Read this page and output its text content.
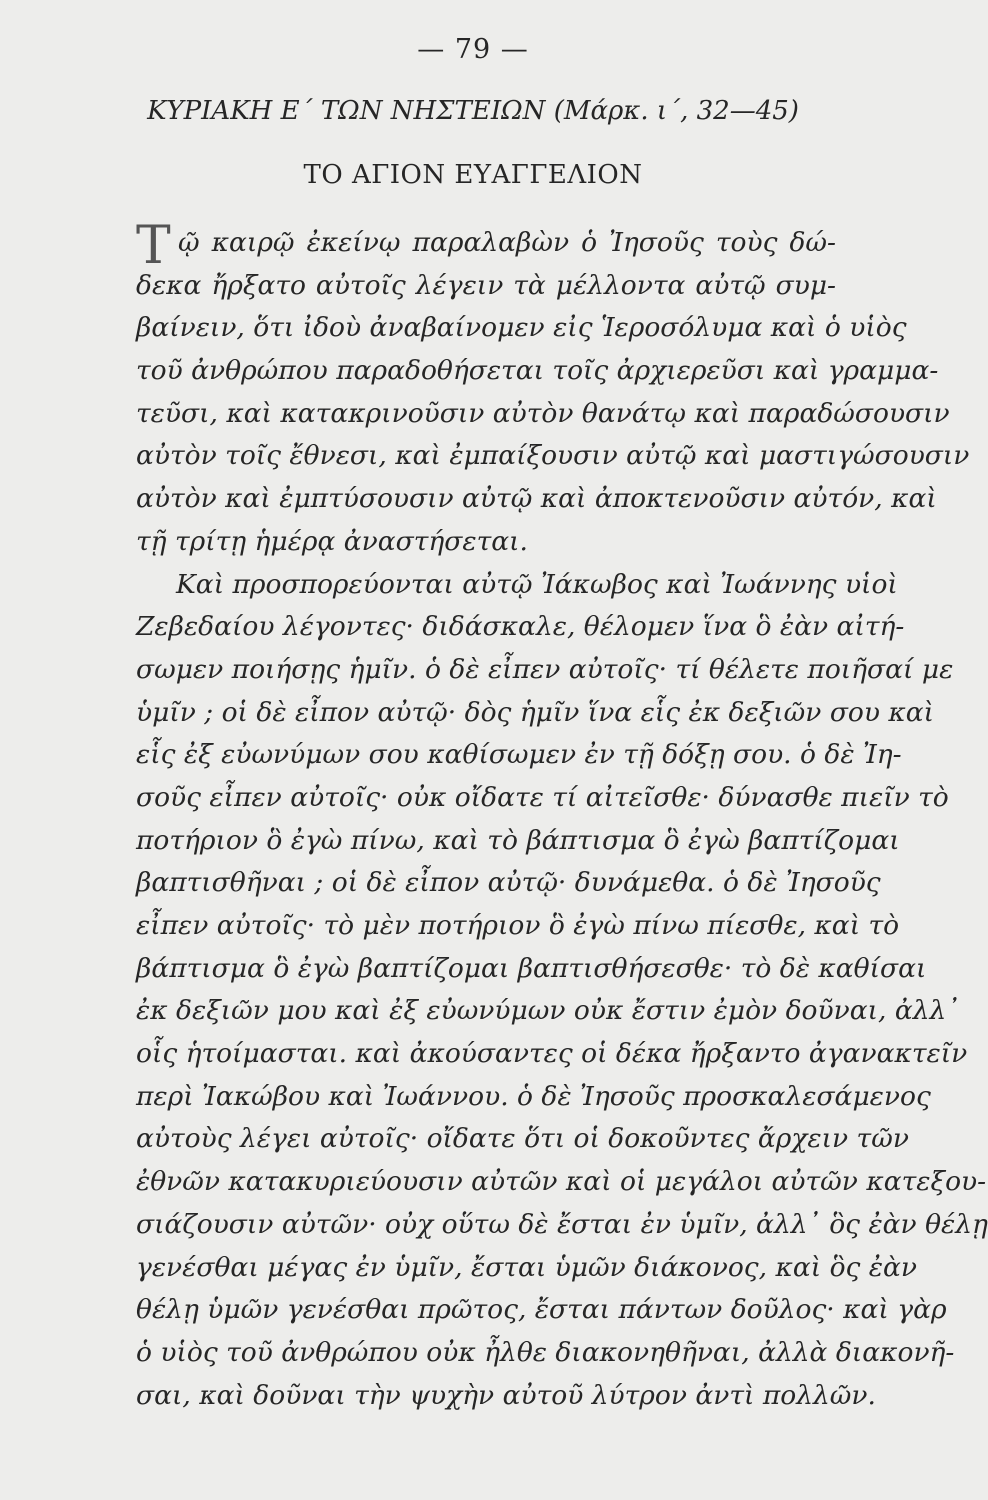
— 79 —
ΚΥΡΙΑΚΗ Ε΄ ΤΩΝ ΝΗΣΤΕΙΩΝ (Μάρκ. ι΄, 32—45)
ΤΟ ΑΓΙΟΝ ΕΥΑΓΓΕΛΙΟΝ
Τ ῷ καιρῷ ἐκείνῳ παραλαβὼν ὁ Ἰησοῦς τοὺς δώ-
δεκα ἤρξατο αὐτοῖς λέγειν τὰ μέλλοντα αὐτῷ συμ-
βαίνειν, ὅτι ἰδοὺ ἀναβαίνομεν εἰς Ἱεροσόλυμα καὶ ὁ υἱὸς
τοῦ ἀνθρώπου παραδοθήσεται τοῖς ἀρχιερεῦσι καὶ γραμμα-
τεῦσι, καὶ κατακρινοῦσιν αὐτὸν θανάτῳ καὶ παραδώσουσιν
αὐτὸν τοῖς ἔθνεσι, καὶ ἐμπαίξουσιν αὐτῷ καὶ μαστιγώσουσιν
αὐτὸν καὶ ἐμπτύσουσιν αὐτῷ καὶ ἀποκτενοῦσιν αὐτόν, καὶ
τῇ τρίτῃ ἡμέρᾳ ἀναστήσεται.
Καὶ προσπορεύονται αὐτῷ Ἰάκωβος καὶ Ἰωάννης υἱοὶ
Ζεβεδαίου λέγοντες· διδάσκαλε, θέλομεν ἵνα ὃ ἐὰν αἰτή-
σωμεν ποιήσῃς ἡμῖν. ὁ δὲ εἶπεν αὐτοῖς· τί θέλετε ποιῆσαί με
ὑμῖν ; οἱ δὲ εἶπον αὐτῷ· δὸς ἡμῖν ἵνα εἷς ἐκ δεξιῶν σου καὶ
εἷς ἐξ εὐωνύμων σου καθίσωμεν ἐν τῇ δόξῃ σου. ὁ δὲ Ἰη-
σοῦς εἶπεν αὐτοῖς· οὐκ οἴδατε τί αἰτεῖσθε· δύνασθε πιεῖν τὸ
ποτήριον ὃ ἐγὼ πίνω, καὶ τὸ βάπτισμα ὃ ἐγὼ βαπτίζομαι
βαπτισθῆναι ; οἱ δὲ εἶπον αὐτῷ· δυνάμεθα. ὁ δὲ Ἰησοῦς
εἶπεν αὐτοῖς· τὸ μὲν ποτήριον ὃ ἐγὼ πίνω πίεσθε, καὶ τὸ
βάπτισμα ὃ ἐγὼ βαπτίζομαι βαπτισθήσεσθε· τὸ δὲ καθίσαι
ἐκ δεξιῶν μου καὶ ἐξ εὐωνύμων οὐκ ἔστιν ἐμὸν δοῦναι, ἀλλ᾿
οἷς ἡτοίμασται. καὶ ἀκούσαντες οἱ δέκα ἤρξαντο ἀγανακτεῖν
περὶ Ἰακώβου καὶ Ἰωάννου. ὁ δὲ Ἰησοῦς προσκαλεσάμενος
αὐτοὺς λέγει αὐτοῖς· οἴδατε ὅτι οἱ δοκοῦντες ἄρχειν τῶν
ἐθνῶν κατακυριεύουσιν αὐτῶν καὶ οἱ μεγάλοι αὐτῶν κατεξου-
σιάζουσιν αὐτῶν· οὐχ οὕτω δὲ ἔσται ἐν ὑμῖν, ἀλλ᾿ ὃς ἐὰν θέλῃ
γενέσθαι μέγας ἐν ὑμῖν, ἔσται ὑμῶν διάκονος, καὶ ὃς ἐὰν
θέλῃ ὑμῶν γενέσθαι πρῶτος, ἔσται πάντων δοῦλος· καὶ γὰρ
ὁ υἱὸς τοῦ ἀνθρώπου οὐκ ἦλθε διακονηθῆναι, ἀλλὰ διακονῆ-
σαι, καὶ δοῦναι τὴν ψυχὴν αὐτοῦ λύτρον ἀντὶ πολλῶν.
